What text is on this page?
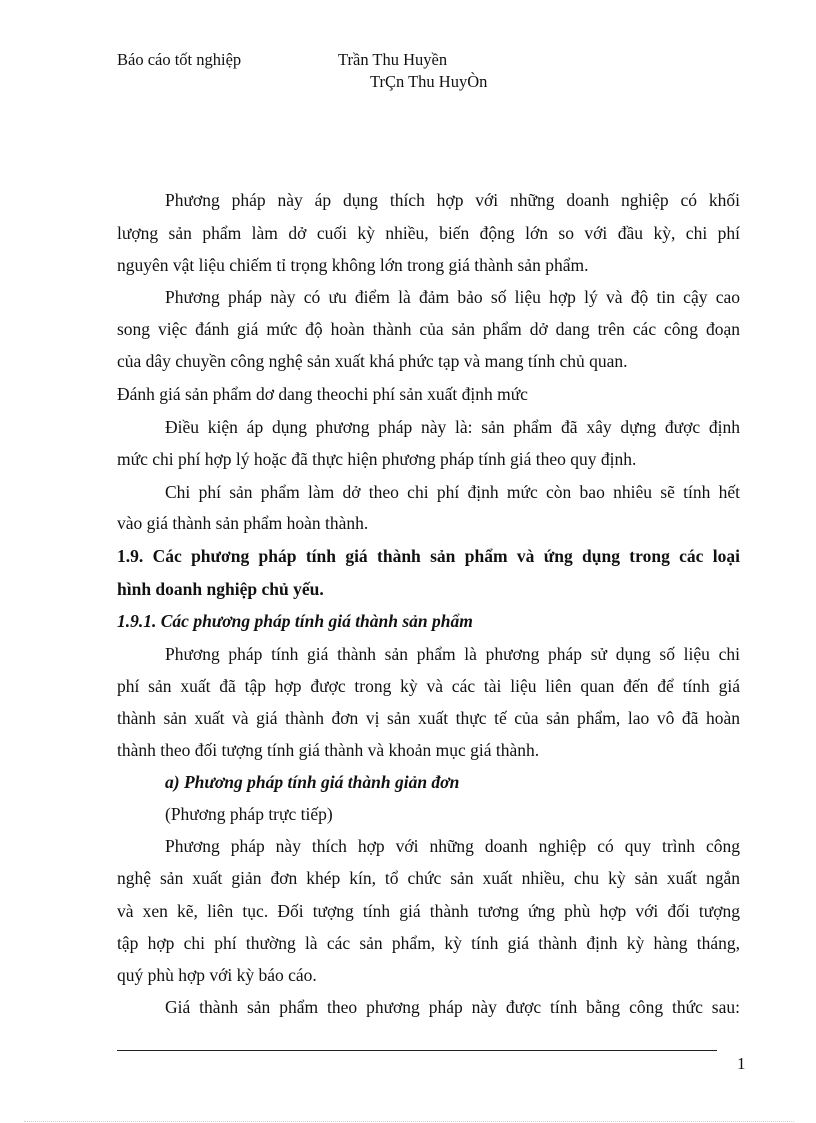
Báo cáo tốt nghiệp	Trần Thu Huyền
TrÇn Thu HuyÒn
Phương pháp này áp dụng thích hợp với những doanh nghiệp có khối
lượng sản phẩm làm dở cuối kỳ nhiều, biến động lớn so với đầu kỳ, chi phí
nguyên vật liệu chiếm tỉ trọng không lớn trong giá thành sản phẩm.
Phương pháp này có ưu điểm là đảm bảo số liệu hợp lý và độ tin cậy cao
song việc đánh giá mức độ hoàn thành của sản phẩm dở dang trên các công đoạn
của dây chuyền công nghệ sản xuất khá phức tạp và mang tính chủ quan.
Đánh giá sản phẩm dơ dang theochi phí sản xuất định mức
Điều kiện áp dụng phương pháp này là: sản phẩm đã xây dựng được định
mức chi phí hợp lý hoặc đã thực hiện phương pháp tính giá theo quy định.
Chi phí sản phẩm làm dở theo chi phí định mức còn bao nhiêu sẽ tính hết
vào giá thành sản phẩm hoàn thành.
1.9. Các phương pháp tính giá thành sản phẩm và ứng dụng trong các loại
hình doanh nghiệp chủ yếu.
1.9.1. Các phương pháp tính giá thành sản phẩm
Phương pháp tính giá thành sản phẩm là phương pháp sử dụng số liệu chi
phí sản xuất đã tập hợp được trong kỳ và các tài liệu liên quan đến để tính giá
thành sản xuất và giá thành đơn vị sản xuất thực tế của sản phẩm, lao vô đã hoàn
thành theo đối tượng tính giá thành và khoản mục giá thành.
a) Phương pháp tính giá thành giản đơn
(Phương pháp trực tiếp)
Phương pháp này thích hợp với những doanh nghiệp có quy trình công
nghệ sản xuất giản đơn khép kín, tổ chức sản xuất nhiều, chu kỳ sản xuất ngắn
và xen kẽ, liên tục. Đối tượng tính giá thành tương ứng phù hợp với đối tượng
tập hợp chi phí thường là các sản phẩm, kỳ tính giá thành định kỳ hàng tháng,
quý phù hợp với kỳ báo cáo.
Giá thành sản phẩm theo phương pháp này được tính bằng công thức sau:
1
